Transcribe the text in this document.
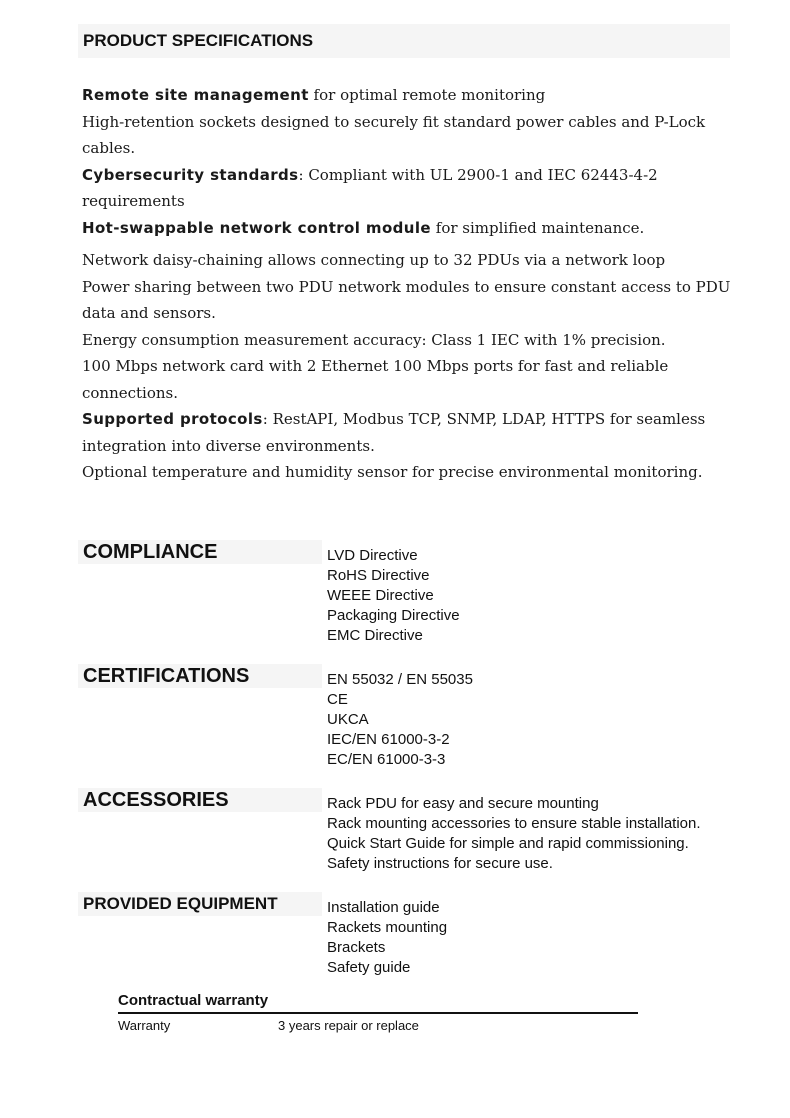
PRODUCT SPECIFICATIONS

Remote site management for optimal remote monitoring

High-retention sockets designed to securely fit standard power cables and P-Lock cables.

Cybersecurity standards: Compliant with UL 2900-1 and IEC 62443-4-2 requirements

Hot-swappable network control module for simplified maintenance.

Network daisy-chaining allows connecting up to 32 PDUs via a network loop

Power sharing between two PDU network modules to ensure constant access to PDU data and sensors.

Energy consumption measurement accuracy: Class 1 IEC with 1% precision.

100 Mbps network card with 2 Ethernet 100 Mbps ports for fast and reliable connections.

Supported protocols: RestAPI, Modbus TCP, SNMP, LDAP, HTTPS for seamless integration into diverse environments.

Optional temperature and humidity sensor for precise environmental monitoring.

COMPLIANCE	LVD Directive
RoHS Directive
WEEE Directive
Packaging Directive
EMC Directive
CERTIFICATIONS	EN 55032 / EN 55035
CE
UKCA
IEC/EN 61000-3-2
EC/EN 61000-3-3
ACCESSORIES	Rack PDU for easy and secure mounting
Rack mounting accessories to ensure stable installation.
Quick Start Guide for simple and rapid commissioning.
Safety instructions for secure use.
PROVIDED EQUIPMENT	Installation guide
Rackets mounting
Brackets
Safety guide
Contractual warranty
Warranty	3 years repair or replace
